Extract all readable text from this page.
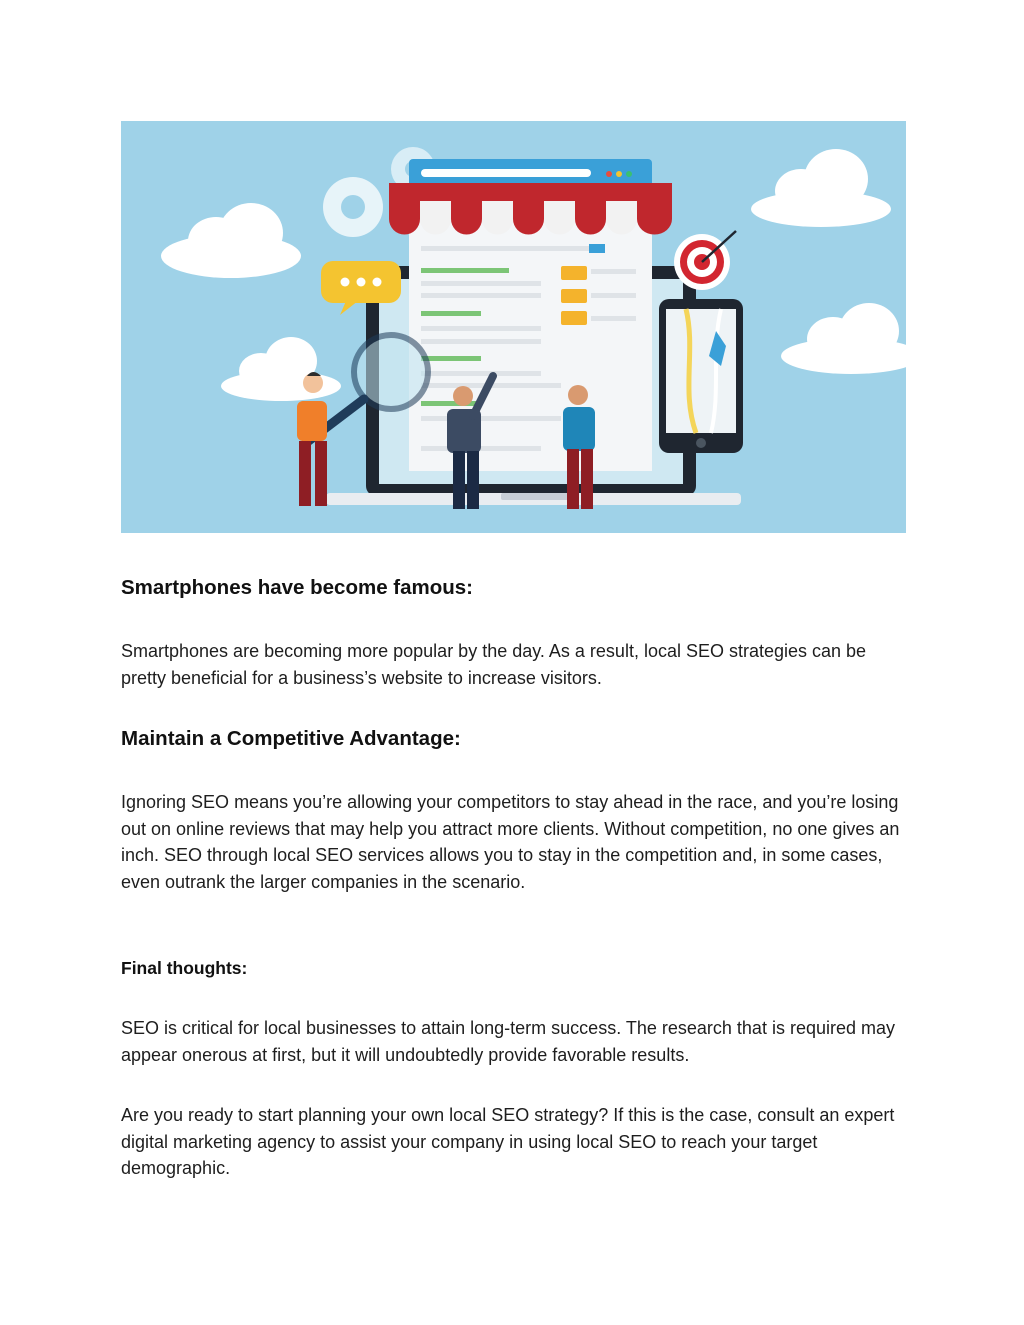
Smartphones have become famous:

Smartphones are becoming more popular by the day. As a result, local SEO strategies can be pretty beneficial for a business’s website to increase visitors.

Maintain a Competitive Advantage:

Ignoring SEO means you’re allowing your competitors to stay ahead in the race, and you’re losing out on online reviews that may help you attract more clients. Without competition, no one gives an inch. SEO through local SEO services allows you to stay in the competition and, in some cases, even outrank the larger companies in the scenario.

Final thoughts:

SEO is critical for local businesses to attain long-term success. The research that is required may appear onerous at first, but it will undoubtedly provide favorable results.

Are you ready to start planning your own local SEO strategy? If this is the case, consult an expert digital marketing agency to assist your company in using local SEO to reach your target demographic.
